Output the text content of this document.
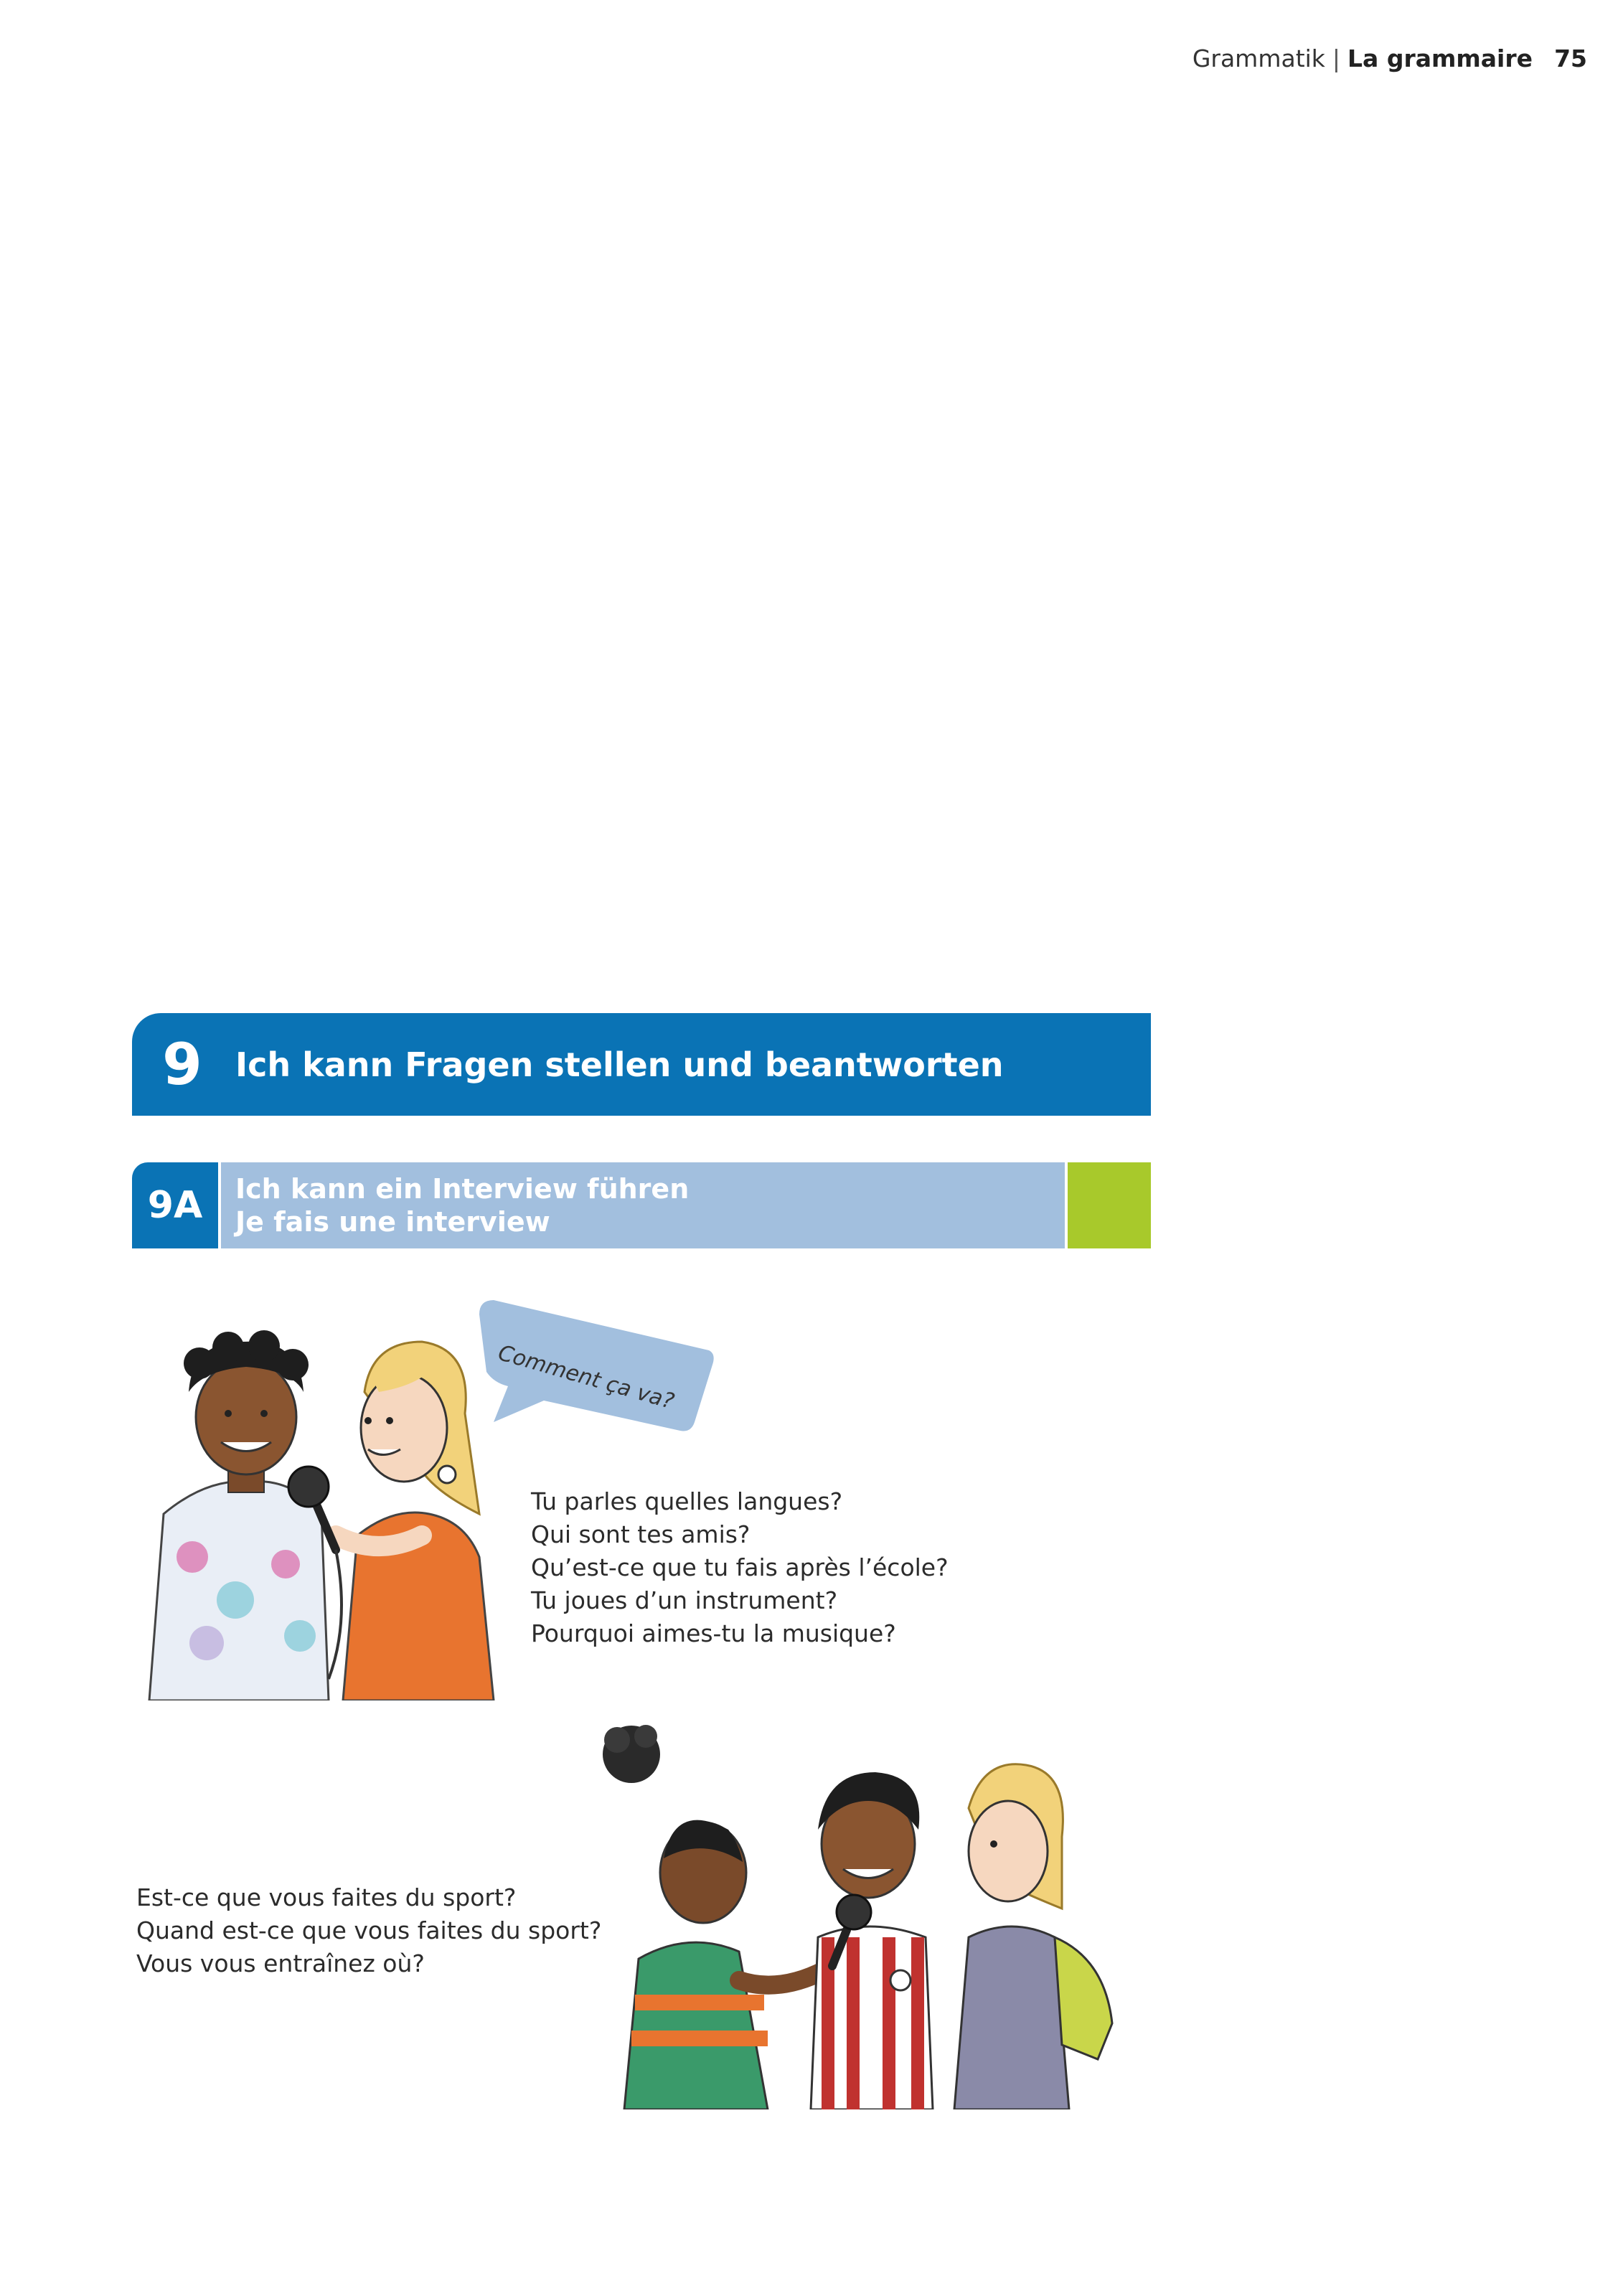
Grammatik | La grammaire 75
9	Ich kann Fragen stellen und beantworten
9A	Ich kann ein Interview führen
Je fais une interview
Comment ça va?
Tu parles quelles langues?
Qui sont tes amis?
Qu’est-ce que tu fais après l’école?
Tu joues d’un instrument?
Pourquoi aimes-tu la musique?
Est-ce que vous faites du sport?
Quand est-ce que vous faites du sport?
Vous vous entraînez où?
